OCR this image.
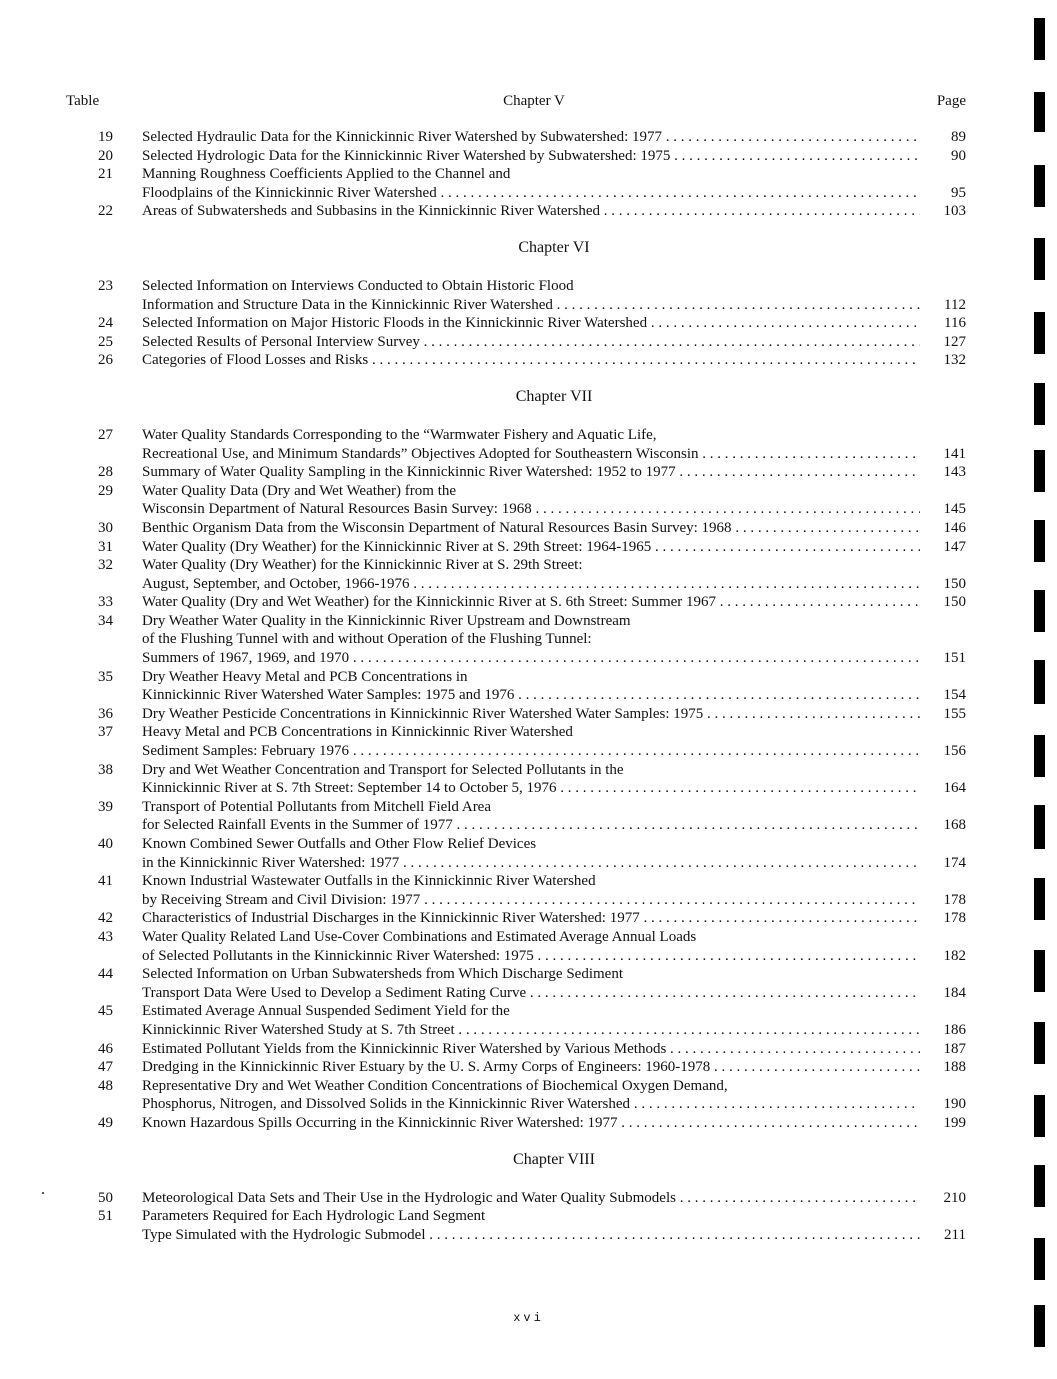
Table	Chapter V	Page
19	Selected Hydraulic Data for the Kinnickinnic River Watershed by Subwatershed: 1977 . . .	89
20	Selected Hydrologic Data for the Kinnickinnic River Watershed by Subwatershed: 1975 . . .	90
21	Manning Roughness Coefficients Applied to the Channel and
Floodplains of the Kinnickinnic River Watershed . . .	95
22	Areas of Subwatersheds and Subbasins in the Kinnickinnic River Watershed . . .	103
Chapter VI
23	Selected Information on Interviews Conducted to Obtain Historic Flood
Information and Structure Data in the Kinnickinnic River Watershed . . .	112
24	Selected Information on Major Historic Floods in the Kinnickinnic River Watershed . . .	116
25	Selected Results of Personal Interview Survey . . .	127
26	Categories of Flood Losses and Risks . . .	132
Chapter VII
27	Water Quality Standards Corresponding to the “Warmwater Fishery and Aquatic Life,
Recreational Use, and Minimum Standards” Objectives Adopted for Southeastern Wisconsin . . .	141
28	Summary of Water Quality Sampling in the Kinnickinnic River Watershed: 1952 to 1977 . . .	143
29	Water Quality Data (Dry and Wet Weather) from the
Wisconsin Department of Natural Resources Basin Survey: 1968 . . .	145
30	Benthic Organism Data from the Wisconsin Department of Natural Resources Basin Survey: 1968 . . .	146
31	Water Quality (Dry Weather) for the Kinnickinnic River at S. 29th Street: 1964-1965 . . .	147
32	Water Quality (Dry Weather) for the Kinnickinnic River at S. 29th Street:
August, September, and October, 1966-1976 . . .	150
33	Water Quality (Dry and Wet Weather) for the Kinnickinnic River at S. 6th Street: Summer 1967 . . .	150
34	Dry Weather Water Quality in the Kinnickinnic River Upstream and Downstream
of the Flushing Tunnel with and without Operation of the Flushing Tunnel:
Summers of 1967, 1969, and 1970 . . .	151
35	Dry Weather Heavy Metal and PCB Concentrations in
Kinnickinnic River Watershed Water Samples: 1975 and 1976 . . .	154
36	Dry Weather Pesticide Concentrations in Kinnickinnic River Watershed Water Samples: 1975 . . .	155
37	Heavy Metal and PCB Concentrations in Kinnickinnic River Watershed
Sediment Samples: February 1976 . . .	156
38	Dry and Wet Weather Concentration and Transport for Selected Pollutants in the
Kinnickinnic River at S. 7th Street: September 14 to October 5, 1976 . . .	164
39	Transport of Potential Pollutants from Mitchell Field Area
for Selected Rainfall Events in the Summer of 1977 . . .	168
40	Known Combined Sewer Outfalls and Other Flow Relief Devices
in the Kinnickinnic River Watershed: 1977 . . .	174
41	Known Industrial Wastewater Outfalls in the Kinnickinnic River Watershed
by Receiving Stream and Civil Division: 1977 . . .	178
42	Characteristics of Industrial Discharges in the Kinnickinnic River Watershed: 1977 . . .	178
43	Water Quality Related Land Use-Cover Combinations and Estimated Average Annual Loads
of Selected Pollutants in the Kinnickinnic River Watershed: 1975 . . .	182
44	Selected Information on Urban Subwatersheds from Which Discharge Sediment
Transport Data Were Used to Develop a Sediment Rating Curve . . .	184
45	Estimated Average Annual Suspended Sediment Yield for the
Kinnickinnic River Watershed Study at S. 7th Street . . .	186
46	Estimated Pollutant Yields from the Kinnickinnic River Watershed by Various Methods . . .	187
47	Dredging in the Kinnickinnic River Estuary by the U. S. Army Corps of Engineers: 1960-1978 . . .	188
48	Representative Dry and Wet Weather Condition Concentrations of Biochemical Oxygen Demand,
Phosphorus, Nitrogen, and Dissolved Solids in the Kinnickinnic River Watershed . . .	190
49	Known Hazardous Spills Occurring in the Kinnickinnic River Watershed: 1977 . . .	199
Chapter VIII
50	Meteorological Data Sets and Their Use in the Hydrologic and Water Quality Submodels . . .	210
51	Parameters Required for Each Hydrologic Land Segment
Type Simulated with the Hydrologic Submodel . . .	211
xvi
